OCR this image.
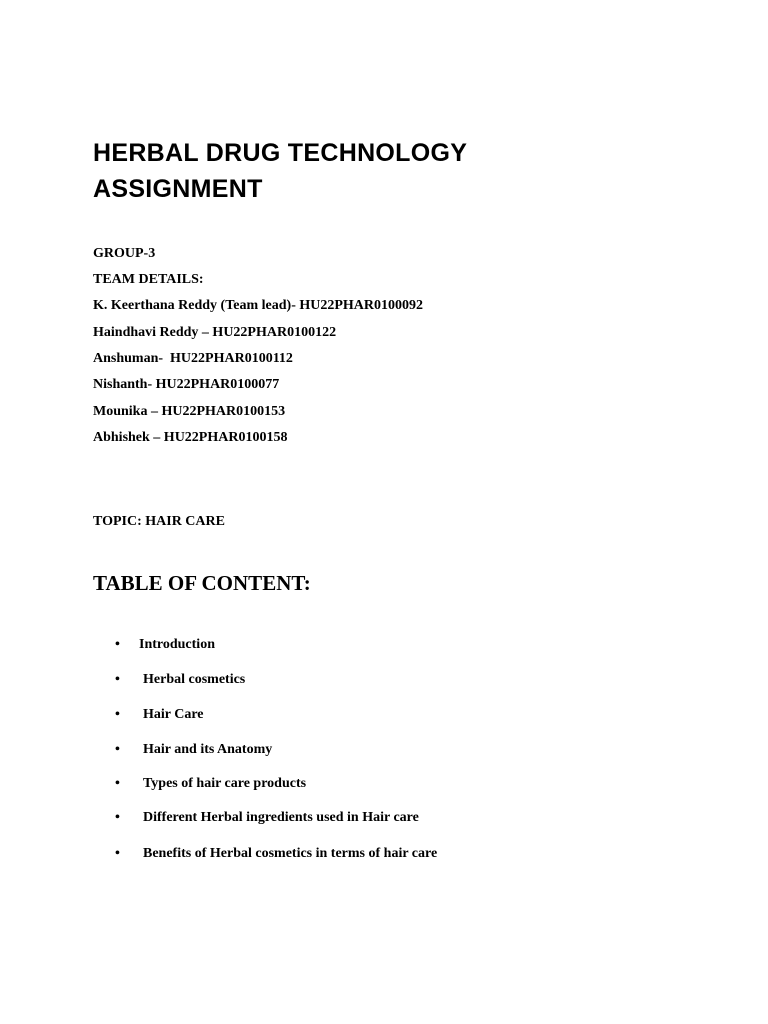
HERBAL DRUG TECHNOLOGY
ASSIGNMENT
GROUP-3
TEAM DETAILS:
K. Keerthana Reddy (Team lead)- HU22PHAR0100092
Haindhavi Reddy – HU22PHAR0100122
Anshuman-  HU22PHAR0100112
Nishanth- HU22PHAR0100077
Mounika – HU22PHAR0100153
Abhishek – HU22PHAR0100158
TOPIC: HAIR CARE
TABLE OF CONTENT:

•

Introduction

•

Herbal cosmetics

•

Hair Care

•

Hair and its Anatomy

•

Types of hair care products

•

Different Herbal ingredients used in Hair care

•

Benefits of Herbal cosmetics in terms of hair care
